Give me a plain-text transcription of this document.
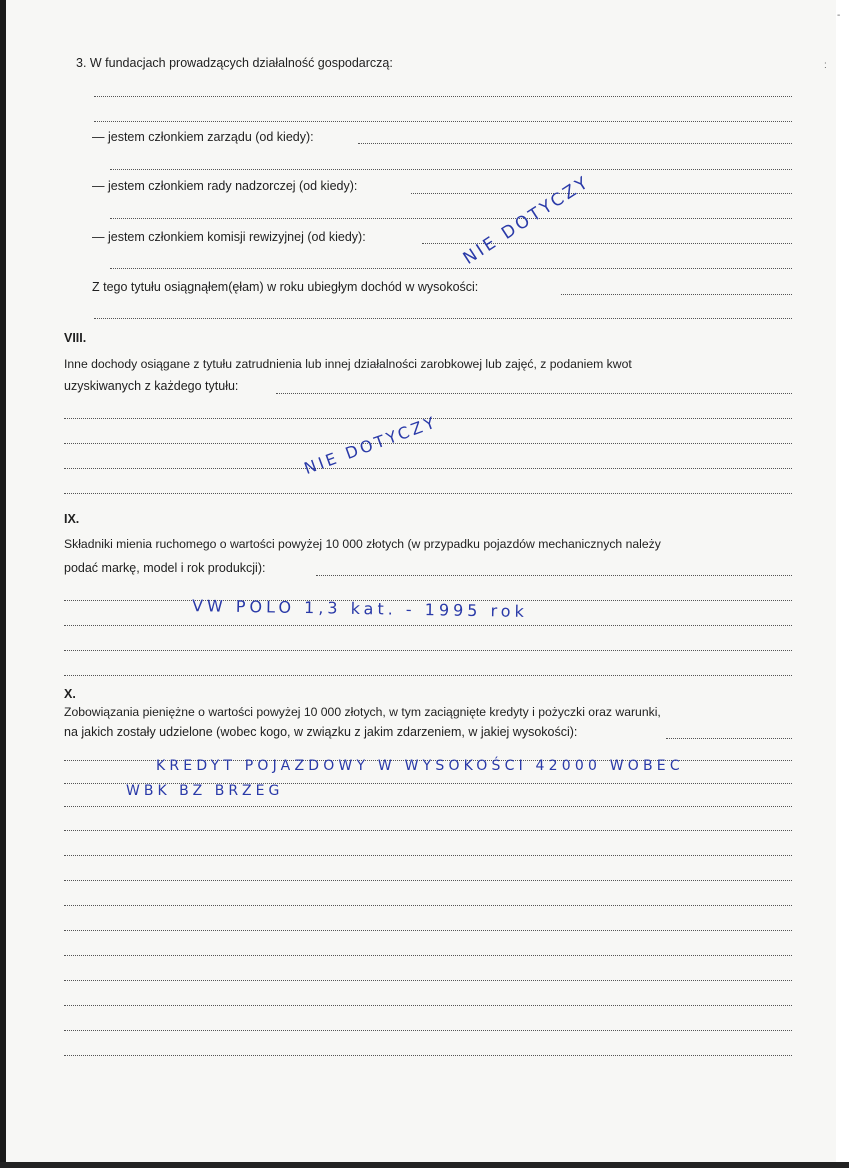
3. W fundacjach prowadzących działalność gospodarczą:
— jestem członkiem zarządu (od kiedy):
— jestem członkiem rady nadzorczej (od kiedy):
— jestem członkiem komisji rewizyjnej (od kiedy):	NIE DOTYCZY
Z tego tytułu osiągnąłem(ęłam) w roku ubiegłym dochód w wysokości:
VIII.
Inne dochody osiągane z tytułu zatrudnienia lub innej działalności zarobkowej lub zajęć, z podaniem kwot
uzyskiwanych z każdego tytułu:
NIE DOTYCZY
IX.
Składniki mienia ruchomego o wartości powyżej 10 000 złotych (w przypadku pojazdów mechanicznych należy
podać markę, model i rok produkcji):
VW POLO 1,3 kat. - 1995 rok
X.
Zobowiązania pieniężne o wartości powyżej 10 000 złotych, w tym zaciągnięte kredyty i pożyczki oraz warunki,
na jakich zostały udzielone (wobec kogo, w związku z jakim zdarzeniem, w jakiej wysokości):
KREDYT POJAZDOWY W WYSOKOŚCI 42000 WOBEC
WBK BZ BRZEG
-
:
